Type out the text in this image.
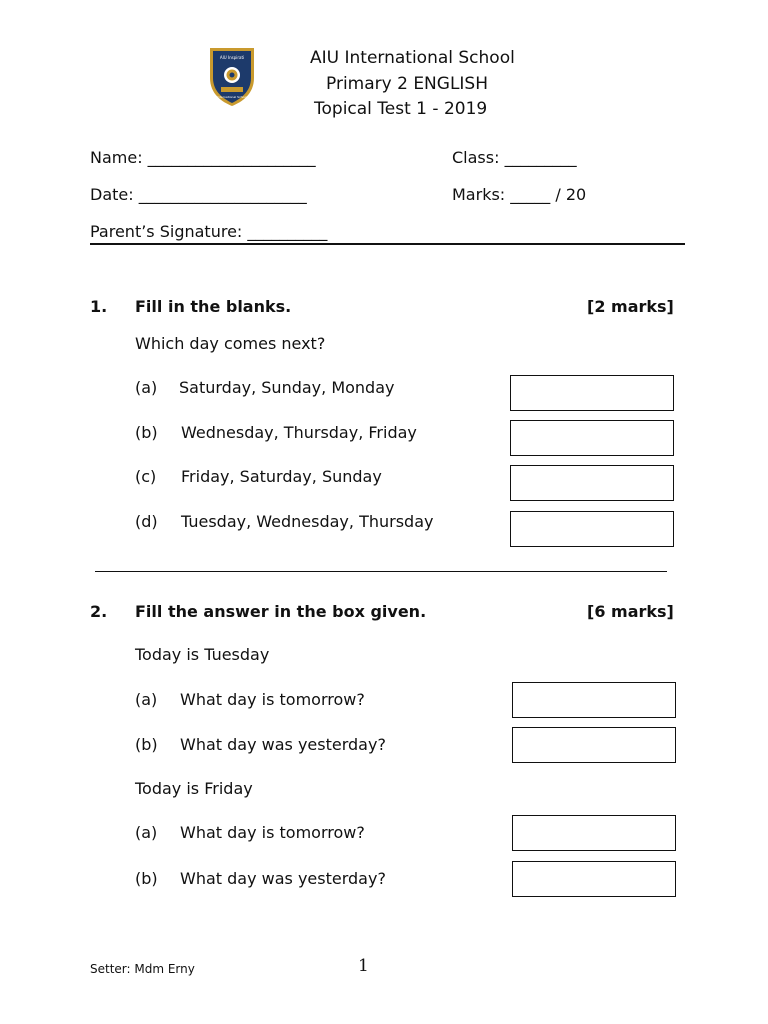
AIU Inspirati
International School
AIU International School
Primary 2 ENGLISH
Topical Test 1 - 2019
Name: _____________________	Class: _________
Date: _____________________	Marks: _____ / 20
Parent’s Signature: __________
1. Fill in the blanks.	[2 marks]
Which day comes next?
(a) Saturday, Sunday, Monday
(b) Wednesday, Thursday, Friday
(c) Friday, Saturday, Sunday
(d) Tuesday, Wednesday, Thursday
2. Fill the answer in the box given.	[6 marks]
Today is Tuesday
(a) What day is tomorrow?
(b) What day was yesterday?
Today is Friday
(a) What day is tomorrow?
(b) What day was yesterday?
Setter: Mdm Erny	1
